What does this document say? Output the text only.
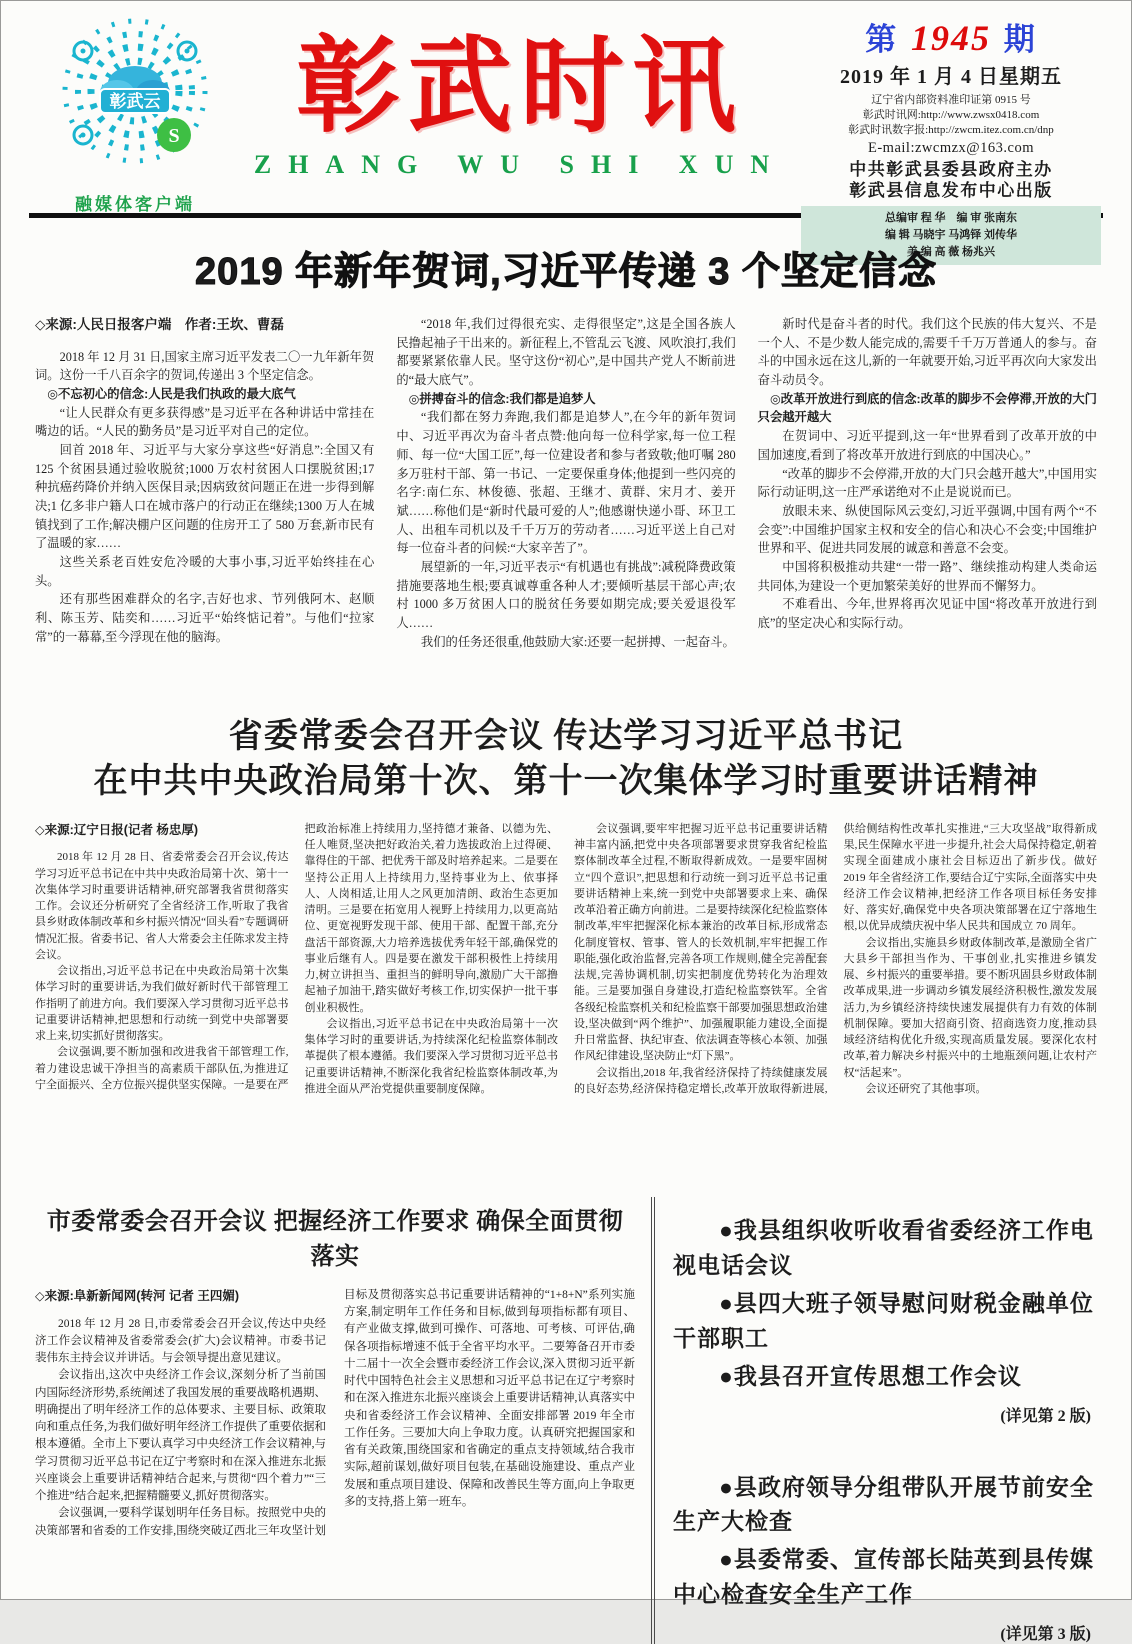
彰武云
S
融媒体客户端
彰武时讯
ZHANG WU SHI XUN
第 1945 期
2019 年 1 月 4 日星期五

辽宁省内部资料准印证第 0915 号

彰武时讯网:http://www.zwsx0418.com

彰武时讯数字报:http://zwcm.itez.com.cn/dnp

E-mail:zwcmzx@163.com

中共彰武县委县政府主办

彰武县信息发布中心出版

总编审 程 华　编 审 张南东

编 辑 马晓宇 马鸿铎 刘传华

美 编 高 薇 杨兆兴

2019 年新年贺词,习近平传递 3 个坚定信念

◇来源:人民日报客户端　作者:王坎、曹磊

2018 年 12 月 31 日,国家主席习近平发表二〇一九年新年贺词。这份一千八百余字的贺词,传递出 3 个坚定信念。

◎不忘初心的信念:人民是我们执政的最大底气

“让人民群众有更多获得感”是习近平在各种讲话中常挂在嘴边的话。“人民的勤务员”是习近平对自己的定位。

回首 2018 年、习近平与大家分享这些“好消息”:全国又有 125 个贫困县通过验收脱贫;1000 万农村贫困人口摆脱贫困;17 种抗癌药降价并纳入医保目录;因病致贫问题正在进一步得到解决;1 亿多非户籍人口在城市落户的行动正在继续;1300 万人在城镇找到了工作;解决棚户区问题的住房开工了 580 万套,新市民有了温暖的家……

这些关系老百姓安危冷暖的大事小事,习近平始终挂在心头。

还有那些困难群众的名字,吉好也求、节列俄阿木、赵顺利、陈玉芳、陆奕和……习近平“始终惦记着”。与他们“拉家常”的一幕幕,至今浮现在他的脑海。

“2018 年,我们过得很充实、走得很坚定”,这是全国各族人民撸起袖子干出来的。新征程上,不管乱云飞渡、风吹浪打,我们都要紧紧依靠人民。坚守这份“初心”,是中国共产党人不断前进的“最大底气”。

◎拼搏奋斗的信念:我们都是追梦人

“我们都在努力奔跑,我们都是追梦人”,在今年的新年贺词中、习近平再次为奋斗者点赞:他向每一位科学家,每一位工程师、每一位“大国工匠”,每一位建设者和参与者致敬;他叮嘱 280 多万驻村干部、第一书记、一定要保重身体;他提到一些闪亮的名字:南仁东、林俊德、张超、王继才、黄群、宋月才、姜开斌……称他们是“新时代最可爱的人”;他感谢快递小哥、环卫工人、出租车司机以及千千万万的劳动者……习近平送上自己对每一位奋斗者的问候:“大家辛苦了”。

展望新的一年,习近平表示“有机遇也有挑战”:减税降费政策措施要落地生根;要真诚尊重各种人才;要倾听基层干部心声;农村 1000 多万贫困人口的脱贫任务要如期完成;要关爱退役军人……

我们的任务还很重,他鼓励大家:还要一起拼搏、一起奋斗。

新时代是奋斗者的时代。我们这个民族的伟大复兴、不是一个人、不是少数人能完成的,需要千千万万普通人的参与。奋斗的中国永远在这儿,新的一年就要开始,习近平再次向大家发出奋斗动员令。

◎改革开放进行到底的信念:改革的脚步不会停滞,开放的大门只会越开越大

在贺词中、习近平提到,这一年“世界看到了改革开放的中国加速度,看到了将改革开放进行到底的中国决心。”

“改革的脚步不会停滞,开放的大门只会越开越大”,中国用实际行动证明,这一庄严承诺绝对不止是说说而已。

放眼未来、纵使国际风云变幻,习近平强调,中国有两个“不会变”:中国维护国家主权和安全的信心和决心不会变;中国维护世界和平、促进共同发展的诚意和善意不会变。

中国将积极推动共建“一带一路”、继续推动构建人类命运共同体,为建设一个更加繁荣美好的世界而不懈努力。

不难看出、今年,世界将再次见证中国“将改革开放进行到底”的坚定决心和实际行动。

省委常委会召开会议 传达学习习近平总书记
在中共中央政治局第十次、第十一次集体学习时重要讲话精神

◇来源:辽宁日报(记者 杨忠厚)

2018 年 12 月 28 日、省委常委会召开会议,传达学习习近平总书记在中共中央政治局第十次、第十一次集体学习时重要讲话精神,研究部署我省贯彻落实工作。会议还分析研究了全省经济工作,听取了我省县乡财政体制改革和乡村振兴情况“回头看”专题调研情况汇报。省委书记、省人大常委会主任陈求发主持会议。

会议指出,习近平总书记在中央政治局第十次集体学习时的重要讲话,为我们做好新时代干部管理工作指明了前进方向。我们要深入学习贯彻习近平总书记重要讲话精神,把思想和行动统一到党中央部署要求上来,切实抓好贯彻落实。

会议强调,要不断加强和改进我省干部管理工作,着力建设忠诚干净担当的高素质干部队伍,为推进辽宁全面振兴、全方位振兴提供坚实保障。一是要在严把政治标准上持续用力,坚持德才兼备、以德为先、任人唯贤,坚决把好政治关,着力选拔政治上过得硬、靠得住的干部、把优秀干部及时培养起来。二是要在坚持公正用人上持续用力,坚持事业为上、依事择人、人岗相适,让用人之风更加清朗、政治生态更加清明。三是要在拓宽用人视野上持续用力,以更高站位、更宽视野发现干部、使用干部、配置干部,充分盘活干部资源,大力培养选拔优秀年轻干部,确保党的事业后继有人。四是要在激发干部积极性上持续用力,树立讲担当、重担当的鲜明导向,激励广大干部撸起袖子加油干,踏实做好考核工作,切实保护一批干事创业积极性。

会议指出,习近平总书记在中央政治局第十一次集体学习时的重要讲话,为持续深化纪检监察体制改革提供了根本遵循。我们要深入学习贯彻习近平总书记重要讲话精神,不断深化我省纪检监察体制改革,为推进全面从严治党提供重要制度保障。

会议强调,要牢牢把握习近平总书记重要讲话精神丰富内涵,把党中央各项部署要求贯穿我省纪检监察体制改革全过程,不断取得新成效。一是要牢固树立“四个意识”,把思想和行动统一到习近平总书记重要讲话精神上来,统一到党中央部署要求上来、确保改革沿着正确方向前进。二是要持续深化纪检监察体制改革,牢牢把握深化标本兼治的改革目标,形成常态化制度管权、管事、管人的长效机制,牢牢把握工作职能,强化政治监督,完善各项工作规则,健全完善配套法规,完善协调机制,切实把制度优势转化为治理效能。三是要加强自身建设,打造纪检监察铁军。全省各级纪检监察机关和纪检监察干部要加强思想政治建设,坚决做到“两个维护”、加强履职能力建设,全面提升日常监督、执纪审查、依法调查等核心本领、加强作风纪律建设,坚决防止“灯下黑”。

会议指出,2018 年,我省经济保持了持续健康发展的良好态势,经济保持稳定增长,改革开放取得新进展,供给侧结构性改革扎实推进,“三大攻坚战”取得新成果,民生保障水平进一步提升,社会大局保持稳定,朝着实现全面建成小康社会目标迈出了新步伐。做好 2019 年全省经济工作,要结合辽宁实际,全面落实中央经济工作会议精神,把经济工作各项目标任务安排好、落实好,确保党中央各项决策部署在辽宁落地生根,以优异成绩庆祝中华人民共和国成立 70 周年。

会议指出,实施县乡财政体制改革,是激励全省广大县乡干部担当作为、干事创业,扎实推进乡镇发展、乡村振兴的重要举措。要不断巩固县乡财政体制改革成果,进一步调动乡镇发展经济积极性,激发发展活力,为乡镇经济持续快速发展提供有力有效的体制机制保障。要加大招商引资、招商选资力度,推动县域经济结构优化升级,实现高质量发展。要深化农村改革,着力解决乡村振兴中的土地瓶颈问题,让农村产权“活起来”。

会议还研究了其他事项。

市委常委会召开会议 把握经济工作要求 确保全面贯彻落实

◇来源:阜新新闻网(转河 记者 王四媚)

2018 年 12 月 28 日,市委常委会召开会议,传达中央经济工作会议精神及省委常委会(扩大)会议精神。市委书记裴伟东主持会议并讲话。与会领导提出意见建议。

会议指出,这次中央经济工作会议,深刻分析了当前国内国际经济形势,系统阐述了我国发展的重要战略机遇期、明确提出了明年经济工作的总体要求、主要目标、政策取向和重点任务,为我们做好明年经济工作提供了重要依据和根本遵循。全市上下要认真学习中央经济工作会议精神,与学习贯彻习近平总书记在辽宁考察时和在深入推进东北振兴座谈会上重要讲话精神结合起来,与贯彻“四个着力”“三个推进”结合起来,把握精髓要义,抓好贯彻落实。

会议强调,一要科学谋划明年任务目标。按照党中央的决策部署和省委的工作安排,围绕突破辽西北三年攻坚计划目标及贯彻落实总书记重要讲话精神的“1+8+N”系列实施方案,制定明年工作任务和目标,做到每项指标都有项目、有产业做支撑,做到可操作、可落地、可考核、可评估,确保各项指标增速不低于全省平均水平。二要筹备召开市委十二届十一次全会暨市委经济工作会议,深入贯彻习近平新时代中国特色社会主义思想和习近平总书记在辽宁考察时和在深入推进东北振兴座谈会上重要讲话精神,认真落实中央和省委经济工作会议精神、全面安排部署 2019 年全市工作任务。三要加大向上争取力度。认真研究把握国家和省有关政策,围绕国家和省确定的重点支持领域,结合我市实际,超前谋划,做好项目包装,在基础设施建设、重点产业发展和重点项目建设、保障和改善民生等方面,向上争取更多的支持,搭上第一班车。

●我县组织收听收看省委经济工作电视电话会议

●县四大班子领导慰问财税金融单位干部职工

●我县召开宣传思想工作会议

(详见第 2 版)

●县政府领导分组带队开展节前安全生产大检查

●县委常委、宣传部长陆英到县传媒中心检查安全生产工作

(详见第 3 版)
